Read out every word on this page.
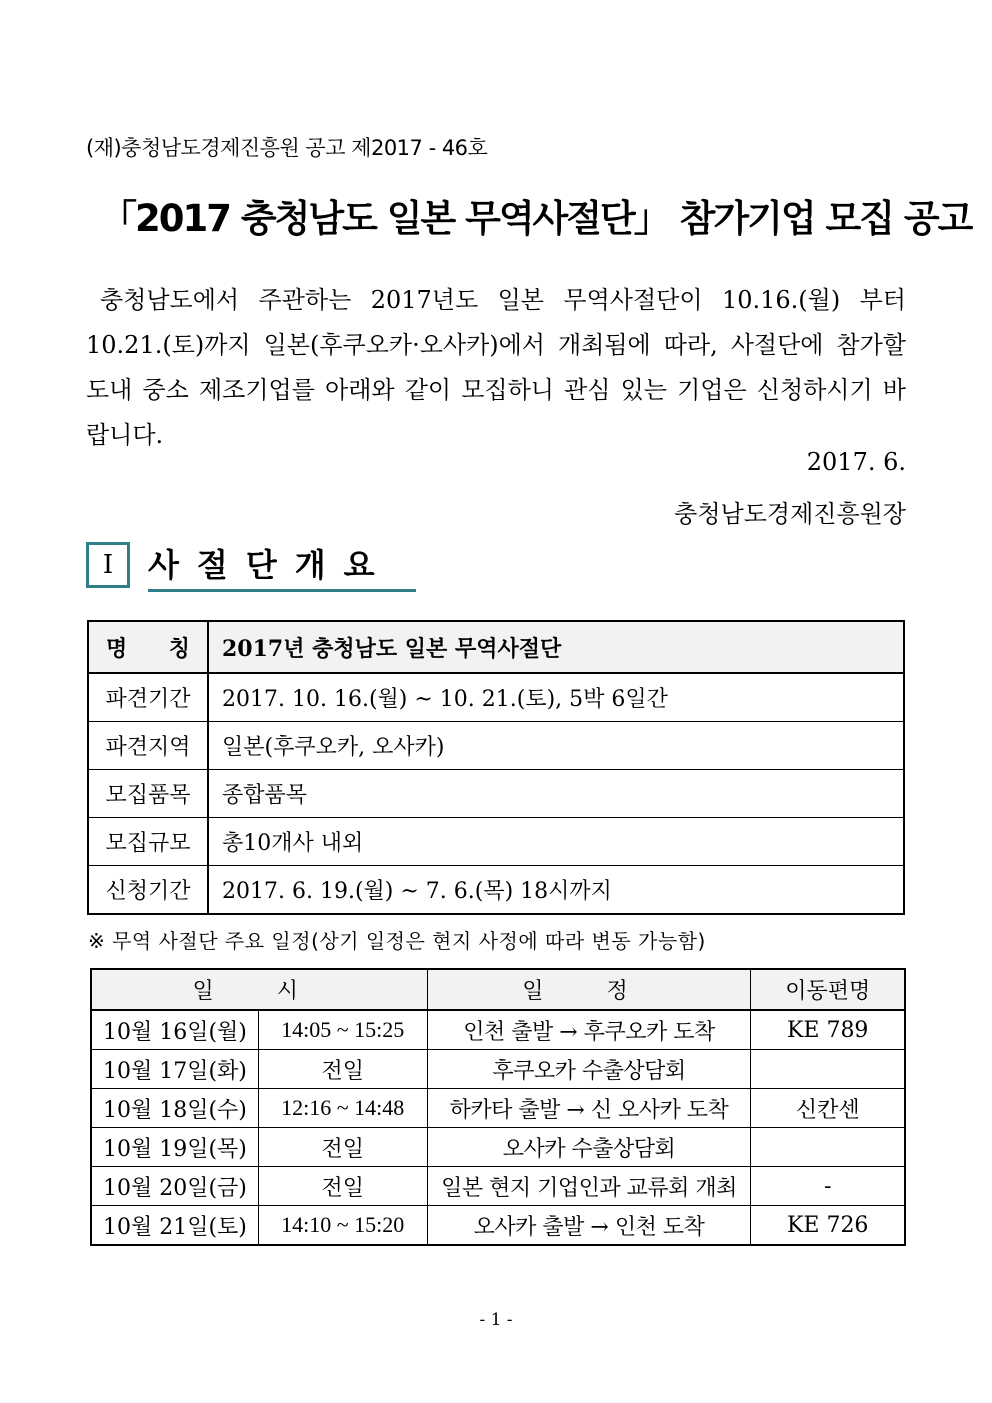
(재)충청남도경제진흥원 공고 제2017 - 46호
「2017 충청남도 일본 무역사절단」 참가기업 모집 공고
충청남도에서 주관하는 2017년도 일본 무역사절단이 10.16.(월) 부터 10.21.(토)까지 일본(후쿠오카·오사카)에서 개최됨에 따라, 사절단에 참가할 도내 중소 제조기업를 아래와 같이 모집하니 관심 있는 기업은 신청하시기 바랍니다.
2017. 6.
충청남도경제진흥원장
Ⅰ	사절단개요
명 칭	2017년 충청남도 일본 무역사절단
파견기간	2017. 10. 16.(월) ~ 10. 21.(토), 5박 6일간
파견지역	일본(후쿠오카, 오사카)
모집품목	종합품목
모집규모	총10개사 내외
신청기간	2017. 6. 19.(월) ~ 7. 6.(목) 18시까지
※ 무역 사절단 주요 일정(상기 일정은 현지 사정에 따라 변동 가능함)
일 시		일 정	이동편명
10월 16일(월)	14:05 ~ 15:25	인천 출발 → 후쿠오카 도착	KE 789
10월 17일(화)	전일	후쿠오카 수출상담회	
10월 18일(수)	12:16 ~ 14:48	하카타 출발 → 신 오사카 도착	신칸센
10월 19일(목)	전일	오사카 수출상담회	
10월 20일(금)	전일	일본 현지 기업인과 교류회 개최	-
10월 21일(토)	14:10 ~ 15:20	오사카 출발 → 인천 도착	KE 726
- 1 -
